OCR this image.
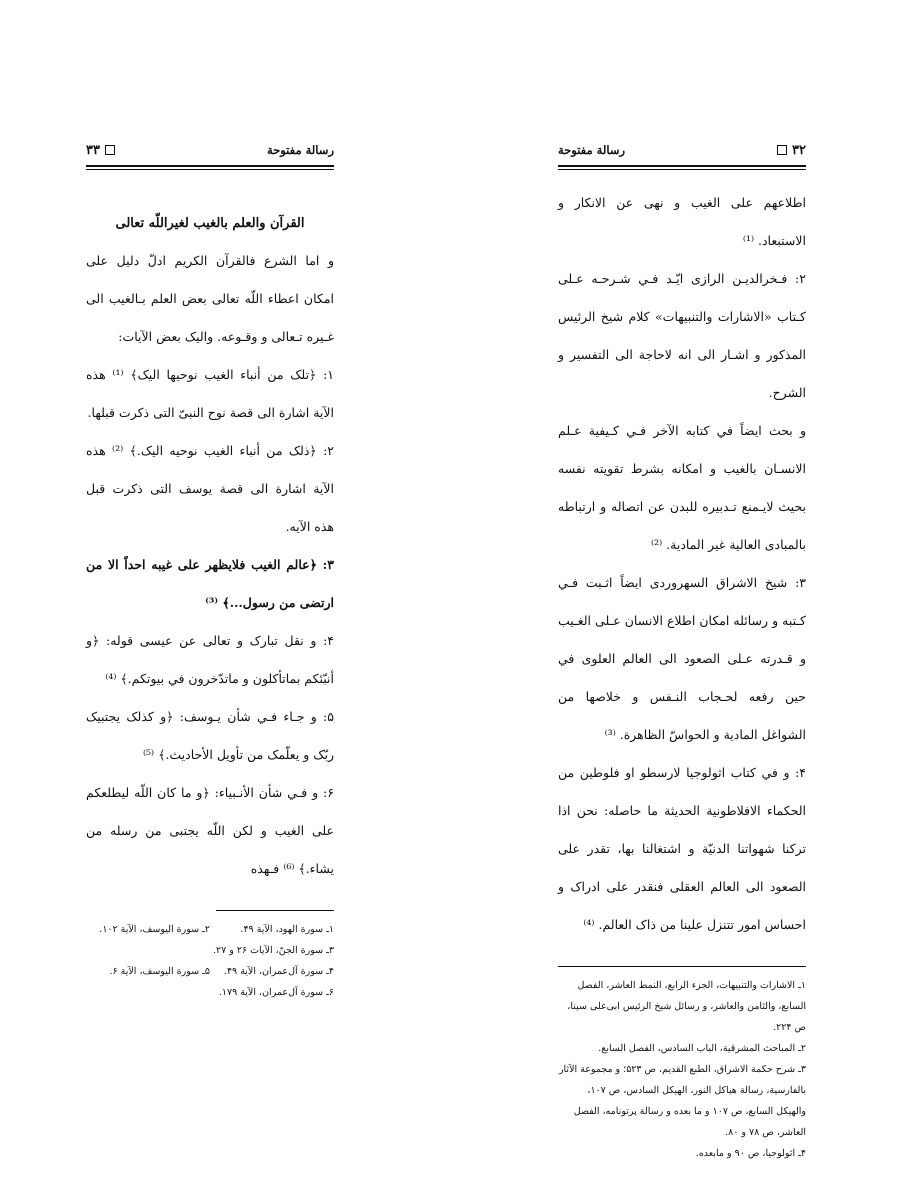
رسالة مفتوحة
۳۳
القرآن والعلم بالغیب لغیراللّه تعالی

و اما الشرع فالقرآن الکریم ادلّ دلیل علی امکان اعطاء اللّه تعالی بعض العلم بـالغیب الی غـیره تـعالی و وقـوعه. والیک بعض الآیات:

۱: ﴿تلک من أنباء الغیب نوحیها الیک﴾ ⁽¹⁾ هذه الآیة اشارة الی قصة نوح النبیّ التی ذکرت قبلها.

۲: ﴿ذلک من أنباء الغیب نوحیه الیک.﴾ ⁽²⁾ هذه الآیة اشارة الی قصة یوسف التی ذکرت قبل هذه الآیه.

۳: ﴿عالم الغیب فلایظهر علی غیبه احداً الا من ارتضی من رسول...﴾ ⁽³⁾

۴: و نقل تبارک و تعالی عن عیسی قوله: ﴿و أنبّئکم بماتأکلون و ماتدّخرون في بیوتکم.﴾ ⁽⁴⁾

۵: و جـاء فـي شأن یـوسف: ﴿و کذلک یجتبیک ربّک و یعلّمک من تأویل الأحادیث.﴾ ⁽⁵⁾

۶: و فـي شأن الأنـبیاء: ﴿و ما کان اللّه لیطلعکم علی الغیب و لکن اللّه یجتبی من رسله من یشاء.﴾ ⁽⁶⁾ فـهذه

۱ـ سورة الهود، الآیة ۴۹.
۲ـ سورة الیوسف، الآیة ۱۰۲.

۳ـ سورة الجنّ، الآیات ۲۶ و ۲۷.

۴ـ سورة آل‌عمران، الآیة ۴۹.
۵ـ سورة الیوسف، الآیة ۶.

۶ـ سورة آل‌عمران، الآیة ۱۷۹.

۳۲
رسالة مفتوحة

اطلاعهم علی الغیب و نهی عن الانکار و الاستبعاد. ⁽¹⁾

۲: فـخرالدیـن الرازی ایّـد فـي شـرحـه عـلی کـتاب «الاشارات والتنبیهات» کلام شیخ الرئیس المذکور و اشـار الی انه لاحاجة الی التفسیر و الشرح.

و بحث ایضاً في کتابه الآخر فـي کـیفیة عـلم الانسـان بالغیب و امکانه بشرط تقویته نفسه بحیث لایـمنع تـدبیره للبدن عن اتصاله و ارتباطه بالمبادی العالیة غیر المادیة. ⁽²⁾

۳: شیخ الاشراق السهروردی ایضاً اثـبت فـي کـتبه و رسائله امکان اطلاع الانسان عـلی الغـیب و قـدرته عـلی الصعود الی العالم العلوی في حین رفعه لحـجاب النـفس و خلاصها من الشواغل المادیة و الحواسّ الظاهرة. ⁽³⁾

۴: و في کتاب اثولوجیا لارسطو او فلوطین من الحکماء الافلاطونیة الحدیثة ما حاصله: نحن اذا ترکنا شهواتنا الدنیّة و اشتغالنا بها، تقدر علی الصعود الی العالم العقلی فنقدر علی ادراک و احساس امور تتنزل علینا من ذاک العالم. ⁽⁴⁾

۱ـ الاشارات والتنبیهات، الجزء الرابع، النمط العاشر، الفصل السابع، والثامن والعاشر، و رسائل شیخ الرئیس ابی‌علی سینا، ص ۲۲۴.

۲ـ المباحث المشرقیة، الباب السادس، الفصل السابع.

۳ـ شرح حکمة الاشراق، الطبع القدیم، ص ۵۲۳؛ و مجموعة الآثار بالفارسیة، رسالة هیاکل النور، الهیکل السادس، ص ۱۰۷، والهیکل السابع، ص ۱۰۷ و ما بعده و رسالة پرتونامه، الفصل العاشر، ص ۷۸ و ۸۰.

۴ـ اثولوجیا، ص ۹۰ و مابعده.
